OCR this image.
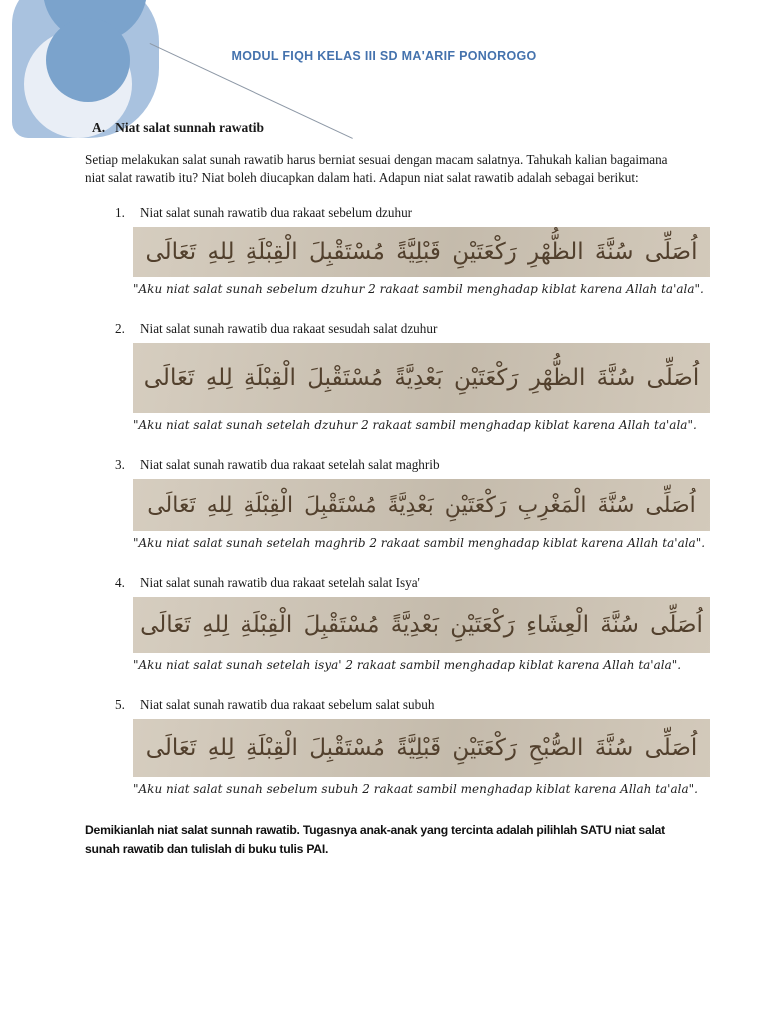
MODUL FIQH KELAS III SD MA'ARIF PONOROGO
A. Niat salat sunnah rawatib

Setiap melakukan salat sunah rawatib harus berniat sesuai dengan macam salatnya. Tahukah kalian bagaimana niat salat rawatib itu? Niat boleh diucapkan dalam hati. Adapun niat salat rawatib adalah sebagai berikut:

1. Niat salat sunah rawatib dua rakaat sebelum dzuhur
اُصَلِّى سُنَّةَ الظُّهْرِ رَكْعَتَيْنِ قَبْلِيَّةً مُسْتَقْبِلَ الْقِبْلَةِ لِلهِ تَعَالَى
"Aku niat salat sunah sebelum dzuhur 2 rakaat sambil menghadap kiblat karena Allah ta'ala".
2. Niat salat sunah rawatib dua rakaat sesudah salat dzuhur
اُصَلِّى سُنَّةَ الظُّهْرِ رَكْعَتَيْنِ بَعْدِيَّةً مُسْتَقْبِلَ الْقِبْلَةِ لِلهِ تَعَالَى
"Aku niat salat sunah setelah dzuhur 2 rakaat sambil menghadap kiblat karena Allah ta'ala".
3. Niat salat sunah rawatib dua rakaat setelah salat maghrib
اُصَلِّى سُنَّةَ الْمَغْرِبِ رَكْعَتَيْنِ بَعْدِيَّةً مُسْتَقْبِلَ الْقِبْلَةِ لِلهِ تَعَالَى
"Aku niat salat sunah setelah maghrib 2 rakaat sambil menghadap kiblat karena Allah ta'ala".
4. Niat salat sunah rawatib dua rakaat setelah salat Isya'
اُصَلِّى سُنَّةَ الْعِشَاءِ رَكْعَتَيْنِ بَعْدِيَّةً مُسْتَقْبِلَ الْقِبْلَةِ لِلهِ تَعَالَى
"Aku niat salat sunah setelah isya' 2 rakaat sambil menghadap kiblat karena Allah ta'ala".
5. Niat salat sunah rawatib dua rakaat sebelum salat subuh
اُصَلِّى سُنَّةَ الصُّبْحِ رَكْعَتَيْنِ قَبْلِيَّةً مُسْتَقْبِلَ الْقِبْلَةِ لِلهِ تَعَالَى
"Aku niat salat sunah sebelum subuh 2 rakaat sambil menghadap kiblat karena Allah ta'ala".

Demikianlah niat salat sunnah rawatib. Tugasnya anak-anak yang tercinta adalah pilihlah SATU niat salat sunah rawatib dan tulislah di buku tulis PAI.
